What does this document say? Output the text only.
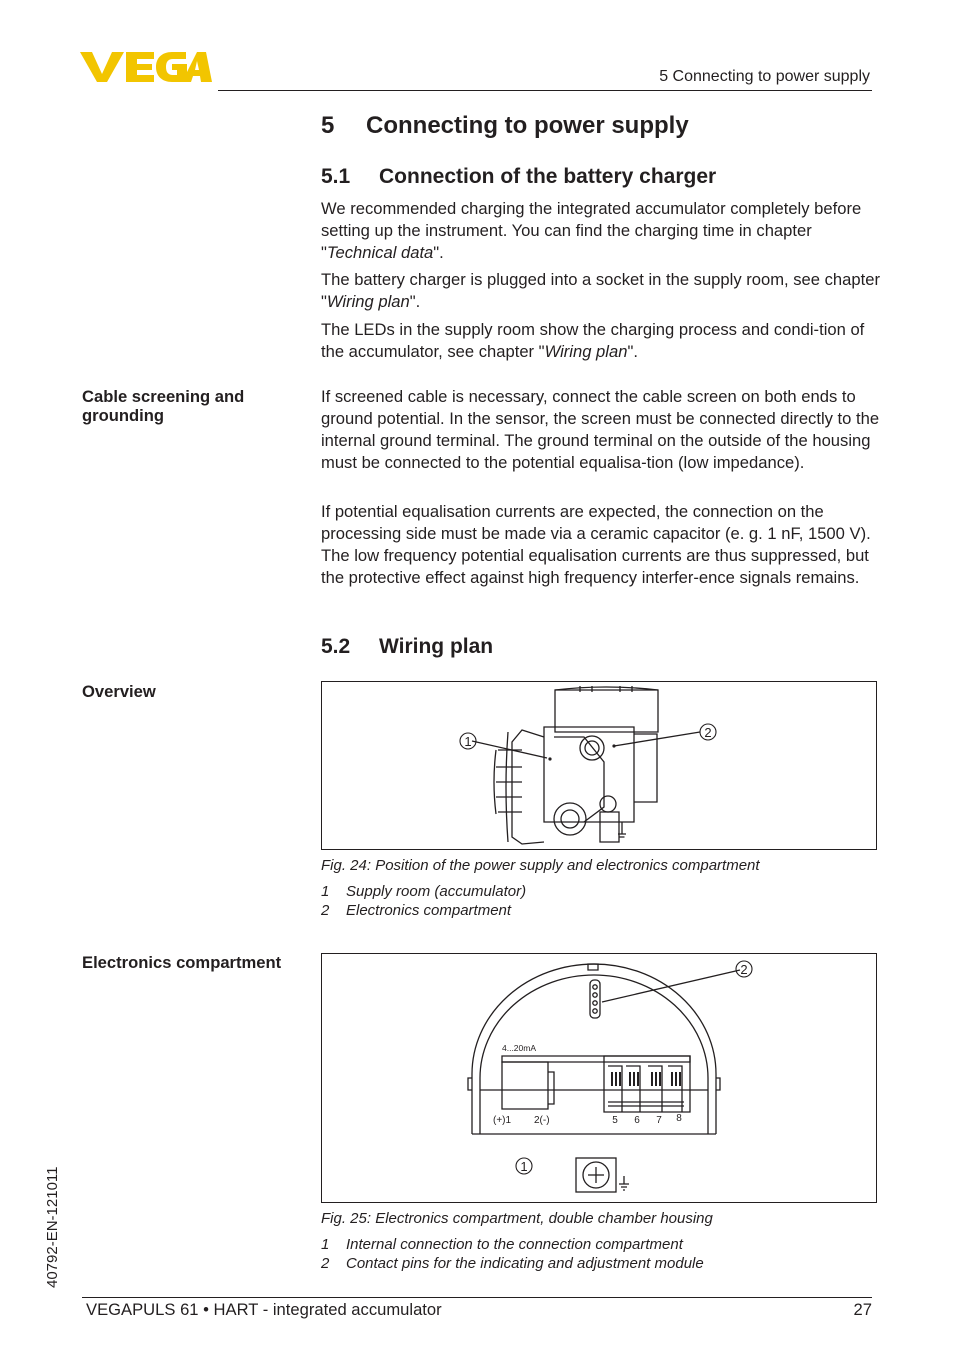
5 Connecting to power supply
5 Connecting to power supply
5.1 Connection of the battery charger

We recommended charging the integrated accumulator completely before setting up the instrument. You can find the charging time in chapter "Technical data".

The battery charger is plugged into a socket in the supply room, see chapter "Wiring plan".

The LEDs in the supply room show the charging process and condi-tion of the accumulator, see chapter "Wiring plan".

Cable screening and grounding

If screened cable is necessary, connect the cable screen on both ends to ground potential. In the sensor, the screen must be connected directly to the internal ground terminal. The ground terminal on the outside of the housing must be connected to the potential equalisa-tion (low impedance).

If potential equalisation currents are expected, the connection on the processing side must be made via a ceramic capacitor (e. g. 1 nF, 1500 V). The low frequency potential equalisation currents are thus suppressed, but the protective effect against high frequency interfer-ence signals remains.

5.2 Wiring plan
Overview
1
2
Fig. 24: Position of the power supply and electronics compartment
1 Supply room (accumulator)
2 Electronics compartment
Electronics compartment
4...20mA
(+)1 2(-)	5 6 7 8
1
2
Fig. 25: Electronics compartment, double chamber housing
1 Internal connection to the connection compartment
2 Contact pins for the indicating and adjustment module
40792-EN-121011
VEGAPULS 61 • HART - integrated accumulator	27
